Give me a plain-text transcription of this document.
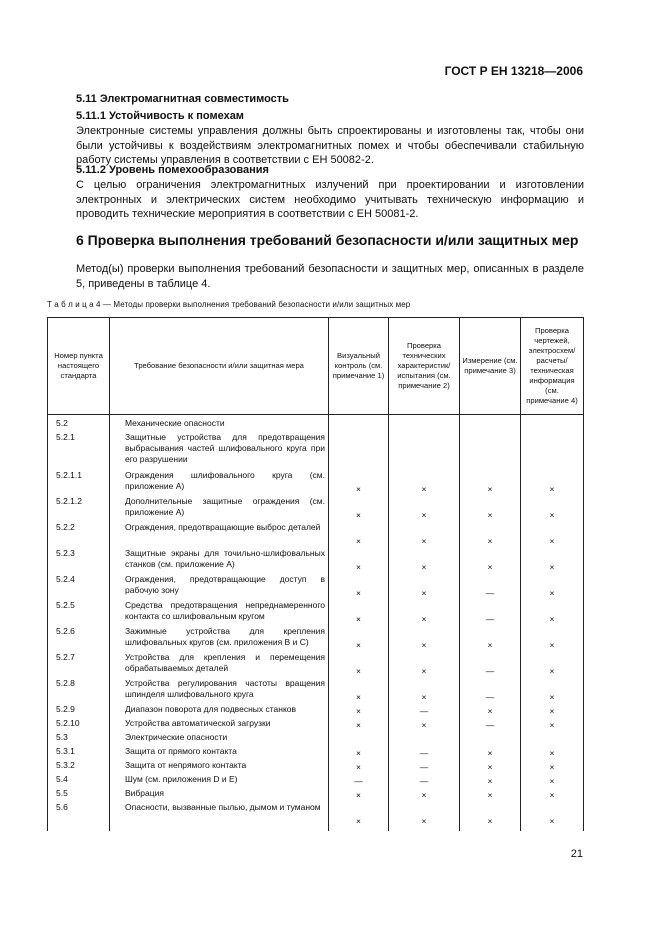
ГОСТ Р ЕН 13218—2006
5.11 Электромагнитная совместимость
5.11.1 Устойчивость к помехам
Электронные системы управления должны быть спроектированы и изготовлены так, чтобы они были устойчивы к воздействиям электромагнитных помех и чтобы обеспечивали стабильную работу системы управления в соответствии с ЕН 50082-2.
5.11.2 Уровень помехообразования
С целью ограничения электромагнитных излучений при проектировании и изготовлении электронных и электрических систем необходимо учитывать техническую информацию и проводить технические мероприятия в соответствии с ЕН 50081-2.
6 Проверка выполнения требований безопасности и/или защитных мер
Метод(ы) проверки выполнения требований безопасности и защитных мер, описанных в разделе 5, приведены в таблице 4.
Т а б л и ц а 4 — Методы проверки выполнения требований безопасности и/или защитных мер
Номер пункта настоящего стандарта	Требование безопасности и/или защитная мера	Визуальный контроль (см. примечание 1)	Проверка технических характеристик/ испытания (см. примечание 2)	Измерение (см. примечание 3)	Проверка чертежей, электросхем/ расчеты/ техническая информация (см. примечание 4)
5.2	Механические опасности				
5.2.1	Защитные устройства для предотвращения выбрасывания частей шлифовального круга при его разрушении				
5.2.1.1	Ограждения шлифовального круга (см. приложение А)	×	×	×	×
5.2.1.2	Дополнительные защитные ограждения (см. приложение А)	×	×	×	×
5.2.2	Ограждения, предотвращающие выброс деталей	×	×	×	×
5.2.3	Защитные экраны для точильно-шлифовальных станков (см. приложение А)	×	×	×	×
5.2.4	Ограждения, предотвращающие доступ в рабочую зону	×	×	—	×
5.2.5	Средства предотвращения непреднамеренного контакта со шлифовальным кругом	×	×	—	×
5.2.6	Зажимные устройства для крепления шлифовальных кругов (см. приложения В и С)	×	×	×	×
5.2.7	Устройства для крепления и перемещения обрабатываемых деталей	×	×	—	×
5.2.8	Устройства регулирования частоты вращения шпинделя шлифовального круга	×	×	—	×
5.2.9	Диапазон поворота для подвесных станков	×	—	×	×
5.2.10	Устройства автоматической загрузки	×	×	—	×
5.3	Электрические опасности				
5.3.1	Защита от прямого контакта	×	—	×	×
5.3.2	Защита от непрямого контакта	×	—	×	×
5.4	Шум (см. приложения D и Е)	—	—	×	×
5.5	Вибрация	×	×	×	×
5.6	Опасности, вызванные пылью, дымом и туманом	×	×	×	×
21
